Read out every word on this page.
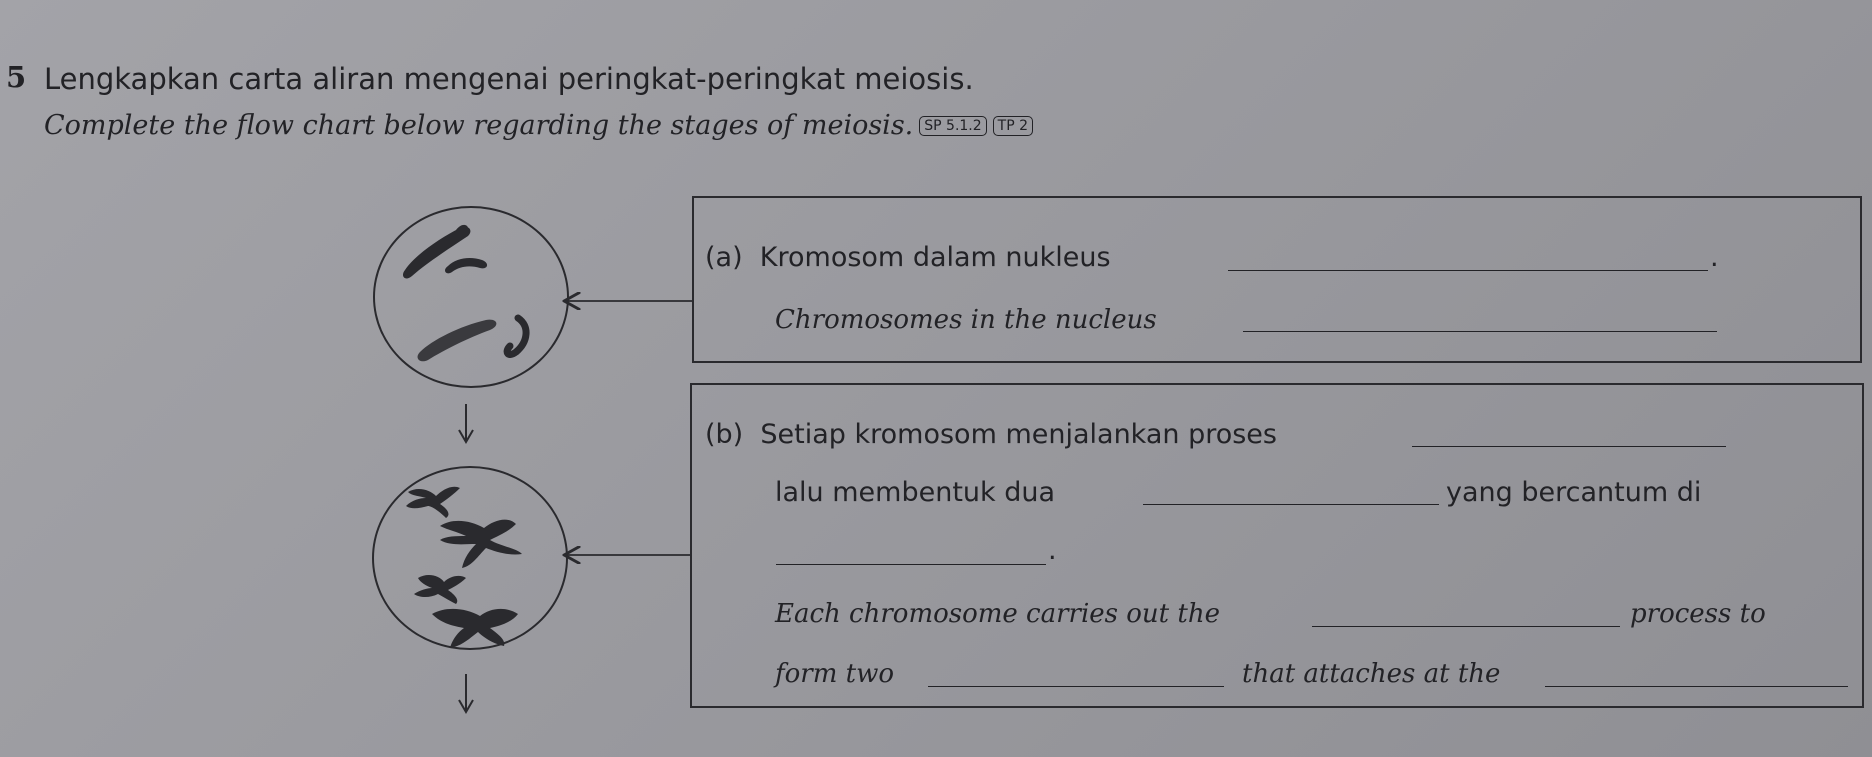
5 Lengkapkan carta aliran mengenai peringkat-peringkat meiosis.
Complete the flow chart below regarding the stages of meiosis. SP 5.1.2 TP 2
(a) Kromosom dalam nukleus	.
Chromosomes in the nucleus
(b) Setiap kromosom menjalankan proses
lalu membentuk dua	yang bercantum di
.
Each chromosome carries out the	process to
form two	that attaches at the
